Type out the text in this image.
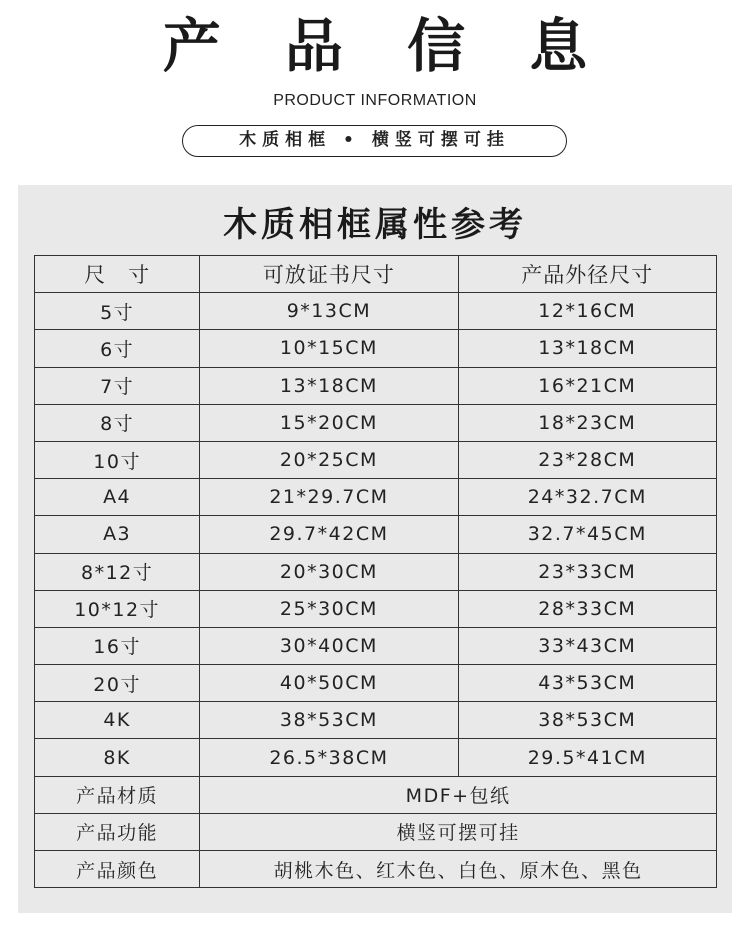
产 品 信 息
PRODUCT INFORMATION
木质相框 • 横竖可摆可挂
木质相框属性参考
尺　寸	可放证书尺寸	产品外径尺寸
5寸	9*13CM	12*16CM
6寸	10*15CM	13*18CM
7寸	13*18CM	16*21CM
8寸	15*20CM	18*23CM
10寸	20*25CM	23*28CM
A4	21*29.7CM	24*32.7CM
A3	29.7*42CM	32.7*45CM
8*12寸	20*30CM	23*33CM
10*12寸	25*30CM	28*33CM
16寸	30*40CM	33*43CM
20寸	40*50CM	43*53CM
4K	38*53CM	38*53CM
8K	26.5*38CM	29.5*41CM
产品材质	MDF+包纸	
产品功能	横竖可摆可挂	
产品颜色	胡桃木色、红木色、白色、原木色、黑色	
